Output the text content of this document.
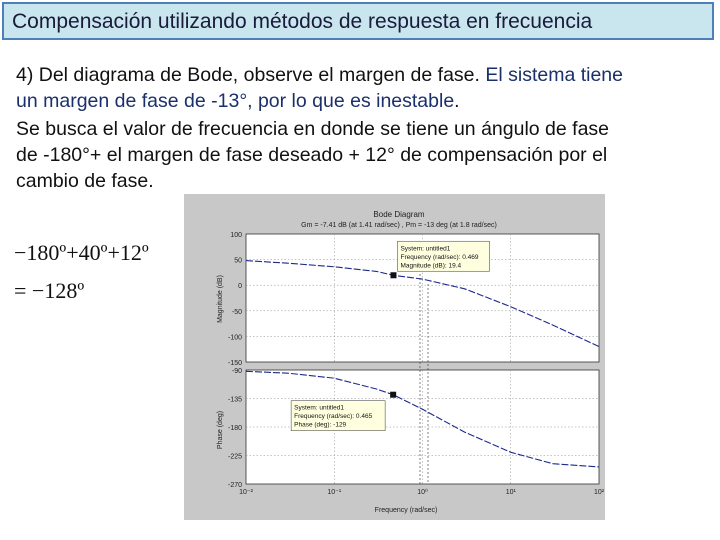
Compensación utilizando métodos de respuesta en frecuencia
4) Del diagrama de Bode, observe el margen de fase. El sistema tiene
un margen de fase de -13°, por lo que es inestable.
Se busca el valor de frecuencia en donde se tiene un ángulo de fase
de -180°+ el margen de fase deseado + 12° de compensación por el
cambio de fase.
−180º+40º+12º
= −128º
Bode Diagram
Gm = -7.41 dB (at 1.41 rad/sec) , Pm = -13 deg (at 1.8 rad/sec)
Magnitude (dB)
Phase (deg)
Frequency (rad/sec)
100
50
0
-50
-100
-150
System: untitled1
Frequency (rad/sec): 0.469
Magnitude (dB): 19.4
10⁻²	10⁻¹	10⁰	10¹	10²
-90
-135
-180
-225
-270
System: untitled1
Frequency (rad/sec): 0.465
Phase (deg): -129
